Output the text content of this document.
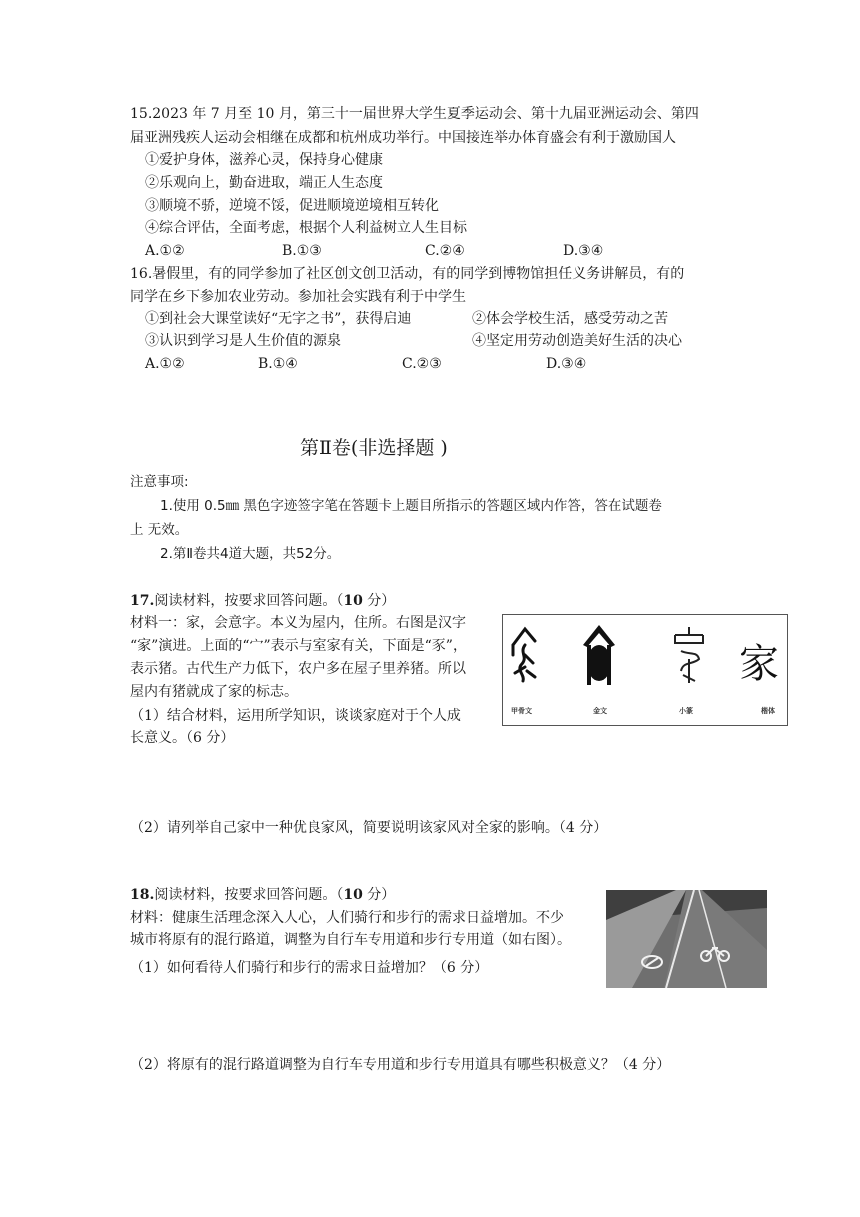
15.2023 年 7 月至 10 月，第三十一届世界大学生夏季运动会、第十九届亚洲运动会、第四
届亚洲残疾人运动会相继在成都和杭州成功举行。中国接连举办体育盛会有利于激励国人
①爱护身体，滋养心灵，保持身心健康
②乐观向上，勤奋进取，端正人生态度
③顺境不骄，逆境不馁，促进顺境逆境相互转化
④综合评估，全面考虑，根据个人利益树立人生目标
A.①②	B.①③	C.②④	D.③④
16.暑假里，有的同学参加了社区创文创卫活动，有的同学到博物馆担任义务讲解员，有的
同学在乡下参加农业劳动。参加社会实践有利于中学生
①到社会大课堂读好“无字之书”，获得启迪	②体会学校生活，感受劳动之苦
③认识到学习是人生价值的源泉	④坚定用劳动创造美好生活的决心
A.①②	B.①④	C.②③	D.③④
第Ⅱ卷(非选择题 )
注意事项:
1.使用 0.5㎜ 黑色字迹签字笔在答题卡上题目所指示的答题区域内作答，答在试题卷
上 无效。
2.第Ⅱ卷共4道大题，共52分。
17.阅读材料，按要求回答问题。（10 分）
材料一：家，会意字。本义为屋内，住所。右图是汉字
“家”演进。上面的“宀”表示与室家有关，下面是“豕”，
表示猪。古代生产力低下，农户多在屋子里养猪。所以
屋内有猪就成了家的标志。
（1）结合材料，运用所学知识，谈谈家庭对于个人成
长意义。（6 分）
（2）请列举自己家中一种优良家风，简要说明该家风对全家的影响。（4 分）
家
甲骨文	金文	小篆	楷体
18.阅读材料，按要求回答问题。（10 分）
材料：健康生活理念深入人心，人们骑行和步行的需求日益增加。不少
城市将原有的混行路道，调整为自行车专用道和步行专用道（如右图）。
（1）如何看待人们骑行和步行的需求日益增加？（6 分）
（2）将原有的混行路道调整为自行车专用道和步行专用道具有哪些积极意义？（4 分）
